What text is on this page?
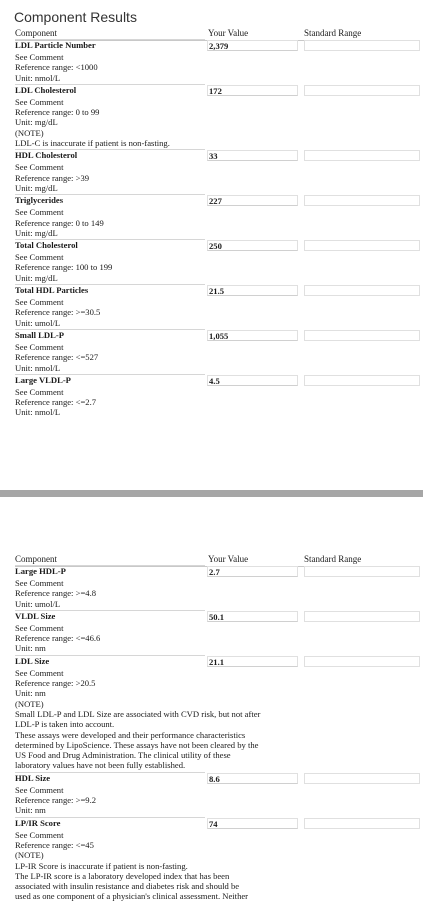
Component Results
Component	Your Value	Standard Range
LDL Particle Number	2,379
See Comment
Reference range: <1000
Unit: nmol/L
LDL Cholesterol	172
See Comment
Reference range: 0 to 99
Unit: mg/dL
(NOTE)
LDL-C is inaccurate if patient is non-fasting.
HDL Cholesterol	33
See Comment
Reference range: >39
Unit: mg/dL
Triglycerides	227
See Comment
Reference range: 0 to 149
Unit: mg/dL
Total Cholesterol	250
See Comment
Reference range: 100 to 199
Unit: mg/dL
Total HDL Particles	21.5
See Comment
Reference range: >=30.5
Unit: umol/L
Small LDL-P	1,055
See Comment
Reference range: <=527
Unit: nmol/L
Large VLDL-P	4.5
See Comment
Reference range: <=2.7
Unit: nmol/L
Component	Your Value	Standard Range
Large HDL-P	2.7
See Comment
Reference range: >=4.8
Unit: umol/L
VLDL Size	50.1
See Comment
Reference range: <=46.6
Unit: nm
LDL Size	21.1
See Comment
Reference range: >20.5
Unit: nm
(NOTE)
Small LDL-P and LDL Size are associated with CVD risk, but not after
LDL-P is taken into account.
These assays were developed and their performance characteristics
determined by LipoScience. These assays have not been cleared by the
US Food and Drug Administration. The clinical utility of these
laboratory values have not been fully established.
HDL Size	8.6
See Comment
Reference range: >=9.2
Unit: nm
LP/IR Score	74
See Comment
Reference range: <=45
(NOTE)
LP-IR Score is inaccurate if patient is non-fasting.
The LP-IR score is a laboratory developed index that has been
associated with insulin resistance and diabetes risk and should be
used as one component of a physician's clinical assessment. Neither
